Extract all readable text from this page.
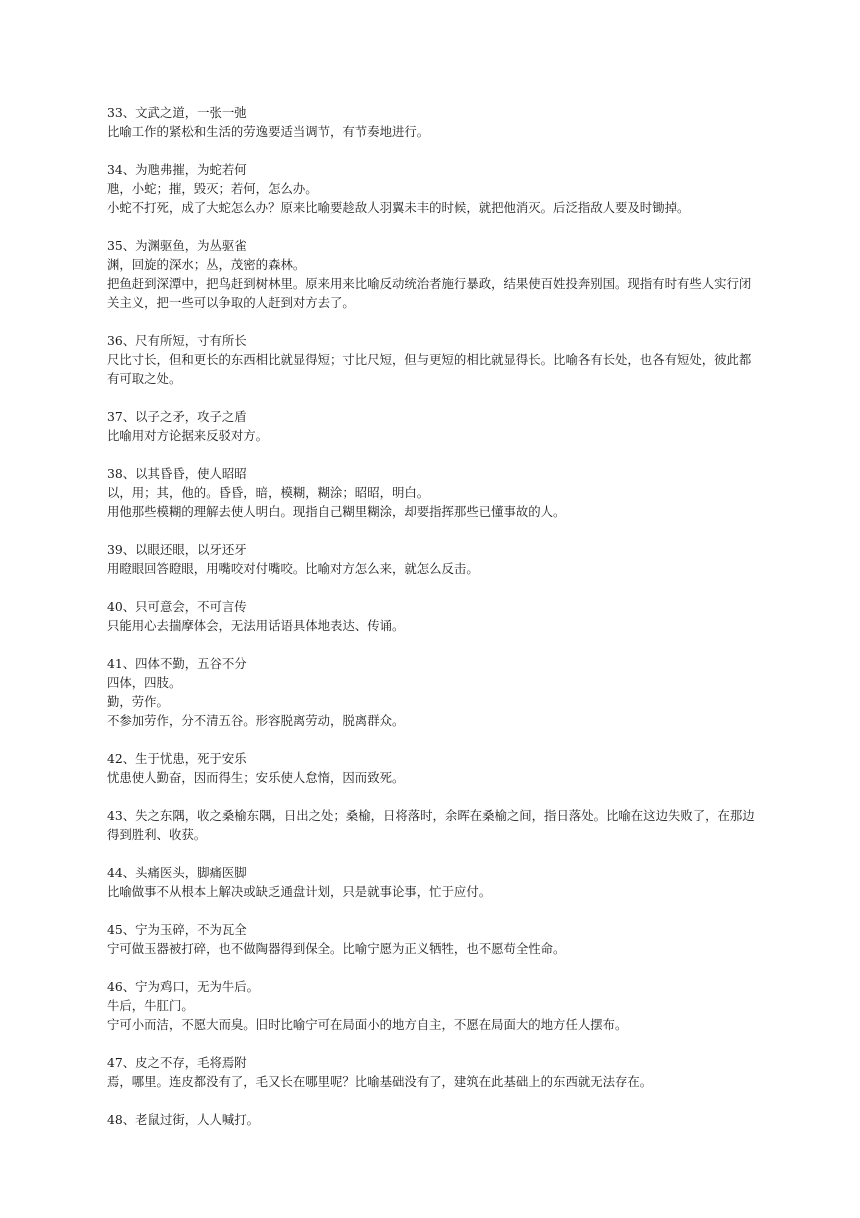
33、文武之道，一张一弛
比喻工作的紧松和生活的劳逸要适当调节，有节奏地进行。
34、为虺弗摧，为蛇若何
虺，小蛇；摧，毁灭；若何，怎么办。
小蛇不打死，成了大蛇怎么办？原来比喻要趁敌人羽翼未丰的时候，就把他消灭。后泛指敌人要及时锄掉。
35、为渊驱鱼，为丛驱雀
渊，回旋的深水；丛，茂密的森林。
把鱼赶到深潭中，把鸟赶到树林里。原来用来比喻反动统治者施行暴政，结果使百姓投奔别国。现指有时有些人实行闭关主义，把一些可以争取的人赶到对方去了。
36、尺有所短，寸有所长
尺比寸长，但和更长的东西相比就显得短；寸比尺短，但与更短的相比就显得长。比喻各有长处，也各有短处，彼此都有可取之处。
37、以子之矛，攻子之盾
比喻用对方论据来反驳对方。
38、以其昏昏，使人昭昭
以，用；其，他的。昏昏，暗，模糊，糊涂；昭昭，明白。
用他那些模糊的理解去使人明白。现指自己糊里糊涂，却要指挥那些已懂事故的人。
39、以眼还眼，以牙还牙
用瞪眼回答瞪眼，用嘴咬对付嘴咬。比喻对方怎么来，就怎么反击。
40、只可意会，不可言传
只能用心去揣摩体会，无法用话语具体地表达、传诵。
41、四体不勤，五谷不分
四体，四肢。
勤，劳作。
不参加劳作，分不清五谷。形容脱离劳动，脱离群众。
42、生于忧患，死于安乐
忧患使人勤奋，因而得生；安乐使人怠惰，因而致死。
43、失之东隅，收之桑榆东隅，日出之处；桑榆，日将落时，余晖在桑榆之间，指日落处。比喻在这边失败了，在那边得到胜利、收获。
44、头痛医头，脚痛医脚
比喻做事不从根本上解决或缺乏通盘计划，只是就事论事，忙于应付。
45、宁为玉碎，不为瓦全
宁可做玉器被打碎，也不做陶器得到保全。比喻宁愿为正义牺牲，也不愿苟全性命。
46、宁为鸡口，无为牛后。
牛后，牛肛门。
宁可小而洁，不愿大而臭。旧时比喻宁可在局面小的地方自主，不愿在局面大的地方任人摆布。
47、皮之不存，毛将焉附
焉，哪里。连皮都没有了，毛又长在哪里呢？比喻基础没有了，建筑在此基础上的东西就无法存在。
48、老鼠过街，人人喊打。
